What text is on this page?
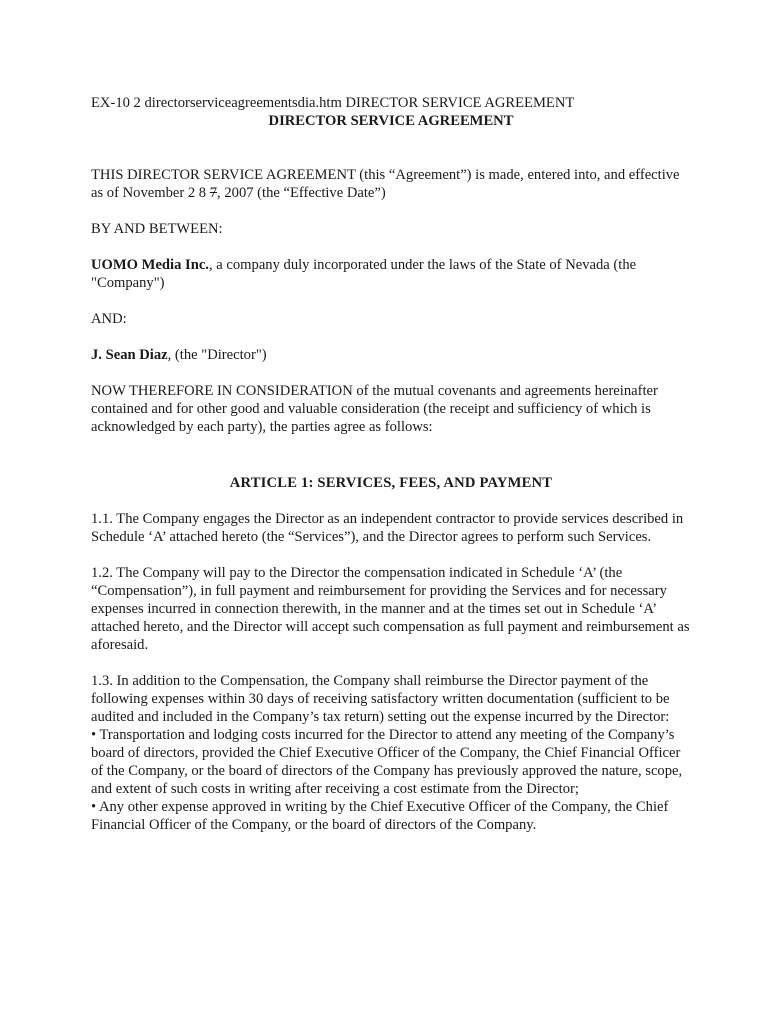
EX-10 2 directorserviceagreementsdia.htm DIRECTOR SERVICE AGREEMENT

DIRECTOR SERVICE AGREEMENT

THIS DIRECTOR SERVICE AGREEMENT (this “Agreement”) is made, entered into, and effective as of November 2 8 7, 2007 (the “Effective Date”)

BY AND BETWEEN:

UOMO Media Inc., a company duly incorporated under the laws of the State of Nevada (the "Company")

AND:

J. Sean Diaz, (the "Director")

NOW THEREFORE IN CONSIDERATION of the mutual covenants and agreements hereinafter contained and for other good and valuable consideration (the receipt and sufficiency of which is acknowledged by each party), the parties agree as follows:

ARTICLE 1: SERVICES, FEES, AND PAYMENT

1.1. The Company engages the Director as an independent contractor to provide services described in Schedule ‘A’ attached hereto (the “Services”), and the Director agrees to perform such Services.

1.2. The Company will pay to the Director the compensation indicated in Schedule ‘A’ (the “Compensation”), in full payment and reimbursement for providing the Services and for necessary expenses incurred in connection therewith, in the manner and at the times set out in Schedule ‘A’ attached hereto, and the Director will accept such compensation as full payment and reimbursement as aforesaid.

1.3. In addition to the Compensation, the Company shall reimburse the Director payment of the following expenses within 30 days of receiving satisfactory written documentation (sufficient to be audited and included in the Company’s tax return) setting out the expense incurred by the Director:

• Transportation and lodging costs incurred for the Director to attend any meeting of the Company’s board of directors, provided the Chief Executive Officer of the Company, the Chief Financial Officer of the Company, or the board of directors of the Company has previously approved the nature, scope, and extent of such costs in writing after receiving a cost estimate from the Director;

• Any other expense approved in writing by the Chief Executive Officer of the Company, the Chief Financial Officer of the Company, or the board of directors of the Company.
